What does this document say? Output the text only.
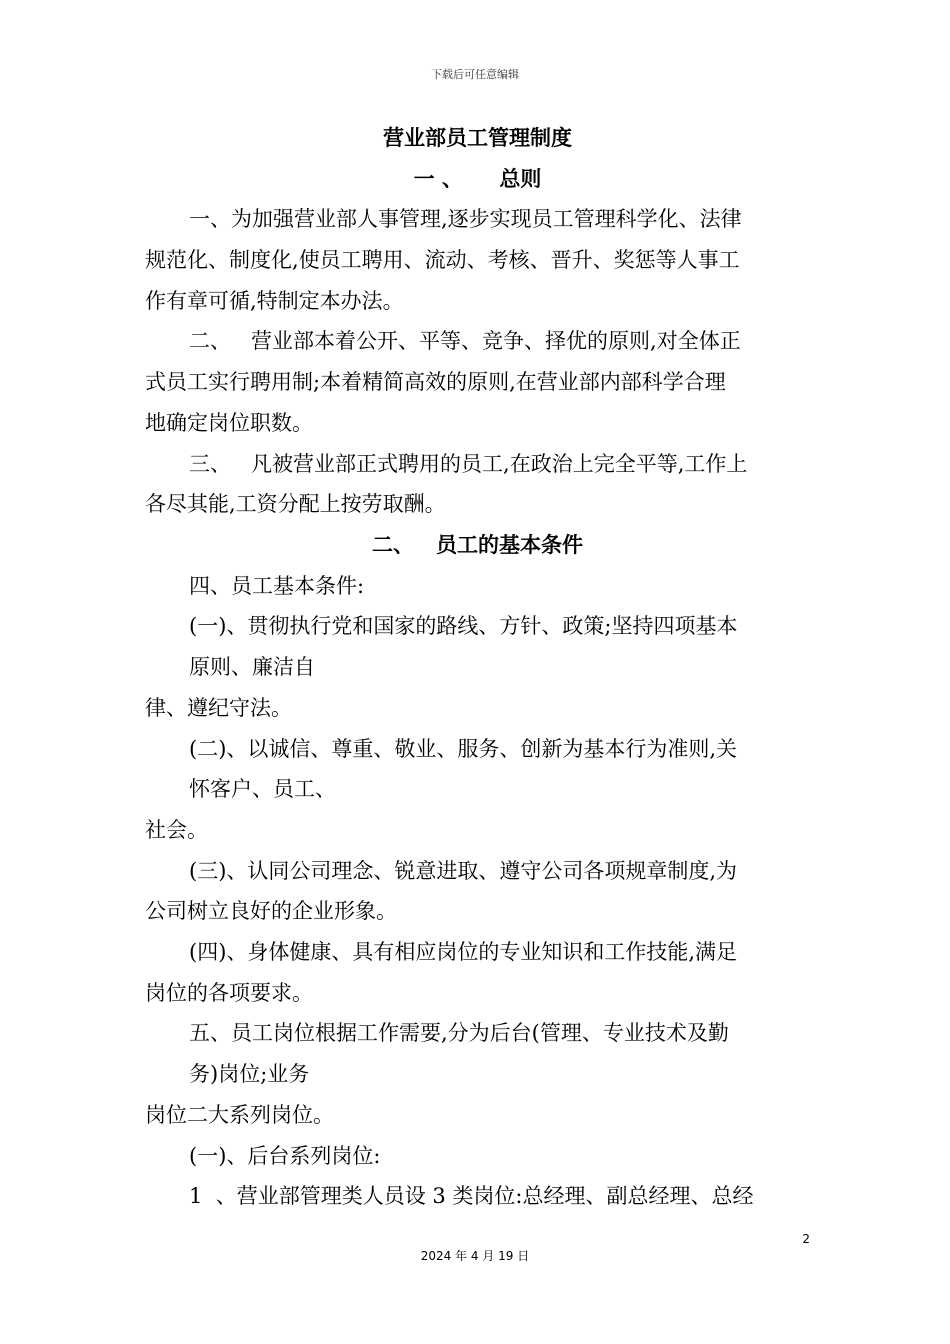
下载后可任意编辑
营业部员工管理制度
一 、     总则
一、为加强营业部人事管理,逐步实现员工管理科学化、法律
规范化、制度化,使员工聘用、流动、考核、晋升、奖惩等人事工
作有章可循,特制定本办法。
二、   营业部本着公开、平等、竞争、择优的原则,对全体正
式员工实行聘用制;本着精简高效的原则,在营业部内部科学合理
地确定岗位职数。
三、   凡被营业部正式聘用的员工,在政治上完全平等,工作上
各尽其能,工资分配上按劳取酬。
二、   员工的基本条件
四、员工基本条件:
(一)、贯彻执行党和国家的路线、方针、政策;坚持四项基本
原则、廉洁自
律、遵纪守法。
(二)、以诚信、尊重、敬业、服务、创新为基本行为准则,关
怀客户、员工、
社会。
(三)、认同公司理念、锐意进取、遵守公司各项规章制度,为
公司树立良好的企业形象。
(四)、身体健康、具有相应岗位的专业知识和工作技能,满足
岗位的各项要求。
五、员工岗位根据工作需要,分为后台(管理、专业技术及勤
务)岗位;业务
岗位二大系列岗位。
(一)、后台系列岗位:
1  、营业部管理类人员设 3 类岗位:总经理、副总经理、总经
2
2024 年 4 月 19 日
